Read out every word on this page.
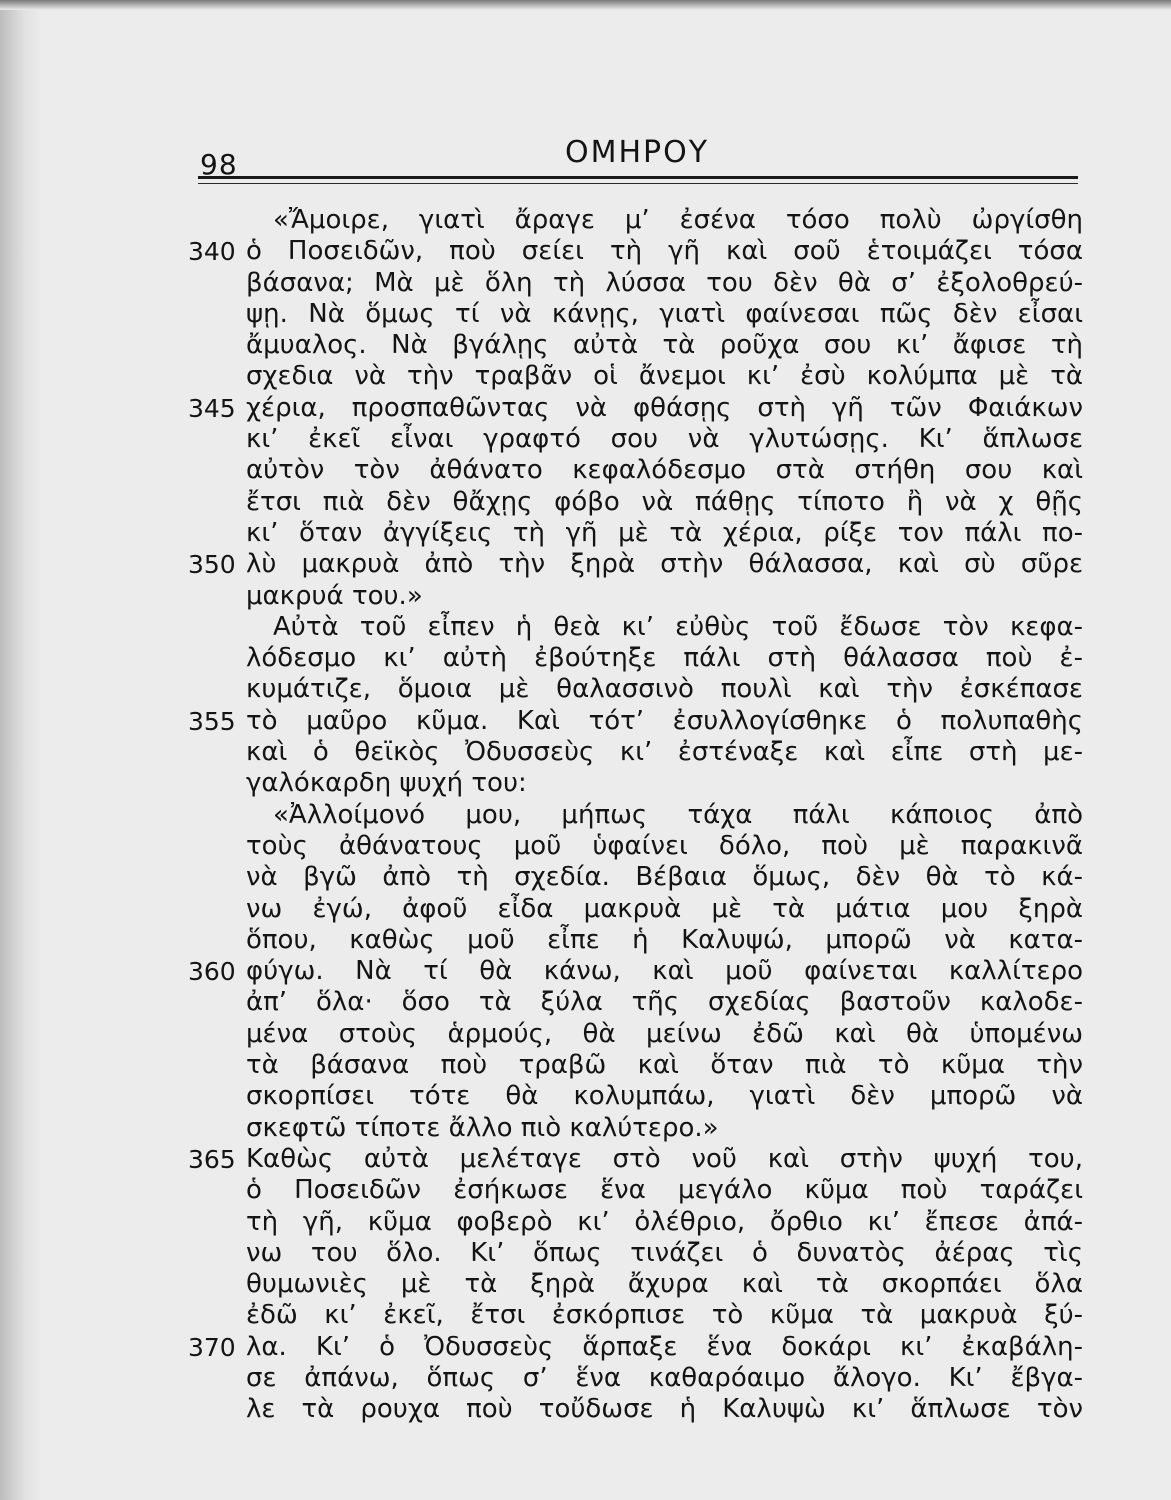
98	ΟΜΗΡΟΥ
«Ἄμοιρε, γιατὶ ἄραγε μ’ ἐσένα τόσο πολὺ ὠργίσθη
340 ὁ Ποσειδῶν, ποὺ σείει τὴ γῆ καὶ σοῦ ἑτοιμάζει τόσα
βάσανα; Μὰ μὲ ὅλη τὴ λύσσα του δὲν θὰ σ’ ἐξολοθρεύ-
ψῃ. Νὰ ὅμως τί νὰ κάνῃς, γιατὶ φαίνεσαι πῶς δὲν εἶσαι
ἄμυαλος. Νὰ βγάλῃς αὐτὰ τὰ ροῦχα σου κι’ ἄφισε τὴ
σχεδια νὰ τὴν τραβᾶν οἱ ἄνεμοι κι’ ἐσὺ κολύμπα μὲ τὰ
345 χέρια, προσπαθῶντας νὰ φθάσῃς στὴ γῆ τῶν Φαιάκων
κι’ ἐκεῖ εἶναι γραφτό σου νὰ γλυτώσῃς. Κι’ ἅπλωσε
αὐτὸν τὸν ἀθάνατο κεφαλόδεσμο στὰ στήθη σου καὶ
ἔτσι πιὰ δὲν θἄχῃς φόβο νὰ πάθῃς τίποτο ἢ νὰ χ θῇς
κι’ ὅταν ἀγγίξεις τὴ γῆ μὲ τὰ χέρια, ρίξε τον πάλι πο-
350 λὺ μακρυὰ ἀπὸ τὴν ξηρὰ στὴν θάλασσα, καὶ σὺ σῦρε
μακρυά του.»
Αὐτὰ τοῦ εἶπεν ἡ θεὰ κι’ εὐθὺς τοῦ ἔδωσε τὸν κεφα-
λόδεσμο κι’ αὐτὴ ἐβούτηξε πάλι στὴ θάλασσα ποὺ ἐ-
κυμάτιζε, ὅμοια μὲ θαλασσινὸ πουλὶ καὶ τὴν ἐσκέπασε
355 τὸ μαῦρο κῦμα. Καὶ τότ’ ἐσυλλογίσθηκε ὁ πολυπαθὴς
καὶ ὁ θεϊκὸς Ὀδυσσεὺς κι’ ἐστέναξε καὶ εἶπε στὴ με-
γαλόκαρδη ψυχή του:
«Ἀλλοίμονό μου, μήπως τάχα πάλι κάποιος ἀπὸ
τοὺς ἀθάνατους μοῦ ὑφαίνει δόλο, ποὺ μὲ παρακινᾶ
νὰ βγῶ ἀπὸ τὴ σχεδία. Βέβαια ὅμως, δὲν θὰ τὸ κά-
νω ἐγώ, ἀφοῦ εἶδα μακρυὰ μὲ τὰ μάτια μου ξηρὰ
ὅπου, καθὼς μοῦ εἶπε ἡ Καλυψώ, μπορῶ νὰ κατα-
360 φύγω. Νὰ τί θὰ κάνω, καὶ μοῦ φαίνεται καλλίτερο
ἀπ’ ὅλα· ὅσο τὰ ξύλα τῆς σχεδίας βαστοῦν καλοδε-
μένα στοὺς ἁρμούς, θὰ μείνω ἐδῶ καὶ θὰ ὑπομένω
τὰ βάσανα ποὺ τραβῶ καὶ ὅταν πιὰ τὸ κῦμα τὴν
σκορπίσει τότε θὰ κολυμπάω, γιατὶ δὲν μπορῶ νὰ
σκεφτῶ τίποτε ἄλλο πιὸ καλύτερο.»
365 Καθὼς αὐτὰ μελέταγε στὸ νοῦ καὶ στὴν ψυχή του,
ὁ Ποσειδῶν ἐσήκωσε ἕνα μεγάλο κῦμα ποὺ ταράζει
τὴ γῆ, κῦμα φοβερὸ κι’ ὀλέθριο, ὄρθιο κι’ ἔπεσε ἀπά-
νω του ὅλο. Κι’ ὅπως τινάζει ὁ δυνατὸς ἀέρας τὶς
θυμωνιὲς μὲ τὰ ξηρὰ ἄχυρα καὶ τὰ σκορπάει ὅλα
ἐδῶ κι’ ἐκεῖ, ἔτσι ἐσκόρπισε τὸ κῦμα τὰ μακρυὰ ξύ-
370 λα. Κι’ ὁ Ὀδυσσεὺς ἅρπαξε ἕνα δοκάρι κι’ ἐκαβάλη-
σε ἀπάνω, ὅπως σ’ ἕνα καθαρόαιμο ἄλογο. Κι’ ἔβγα-
λε τὰ ρουχα ποὺ τοὔδωσε ἡ Καλυψὼ κι’ ἅπλωσε τὸν
